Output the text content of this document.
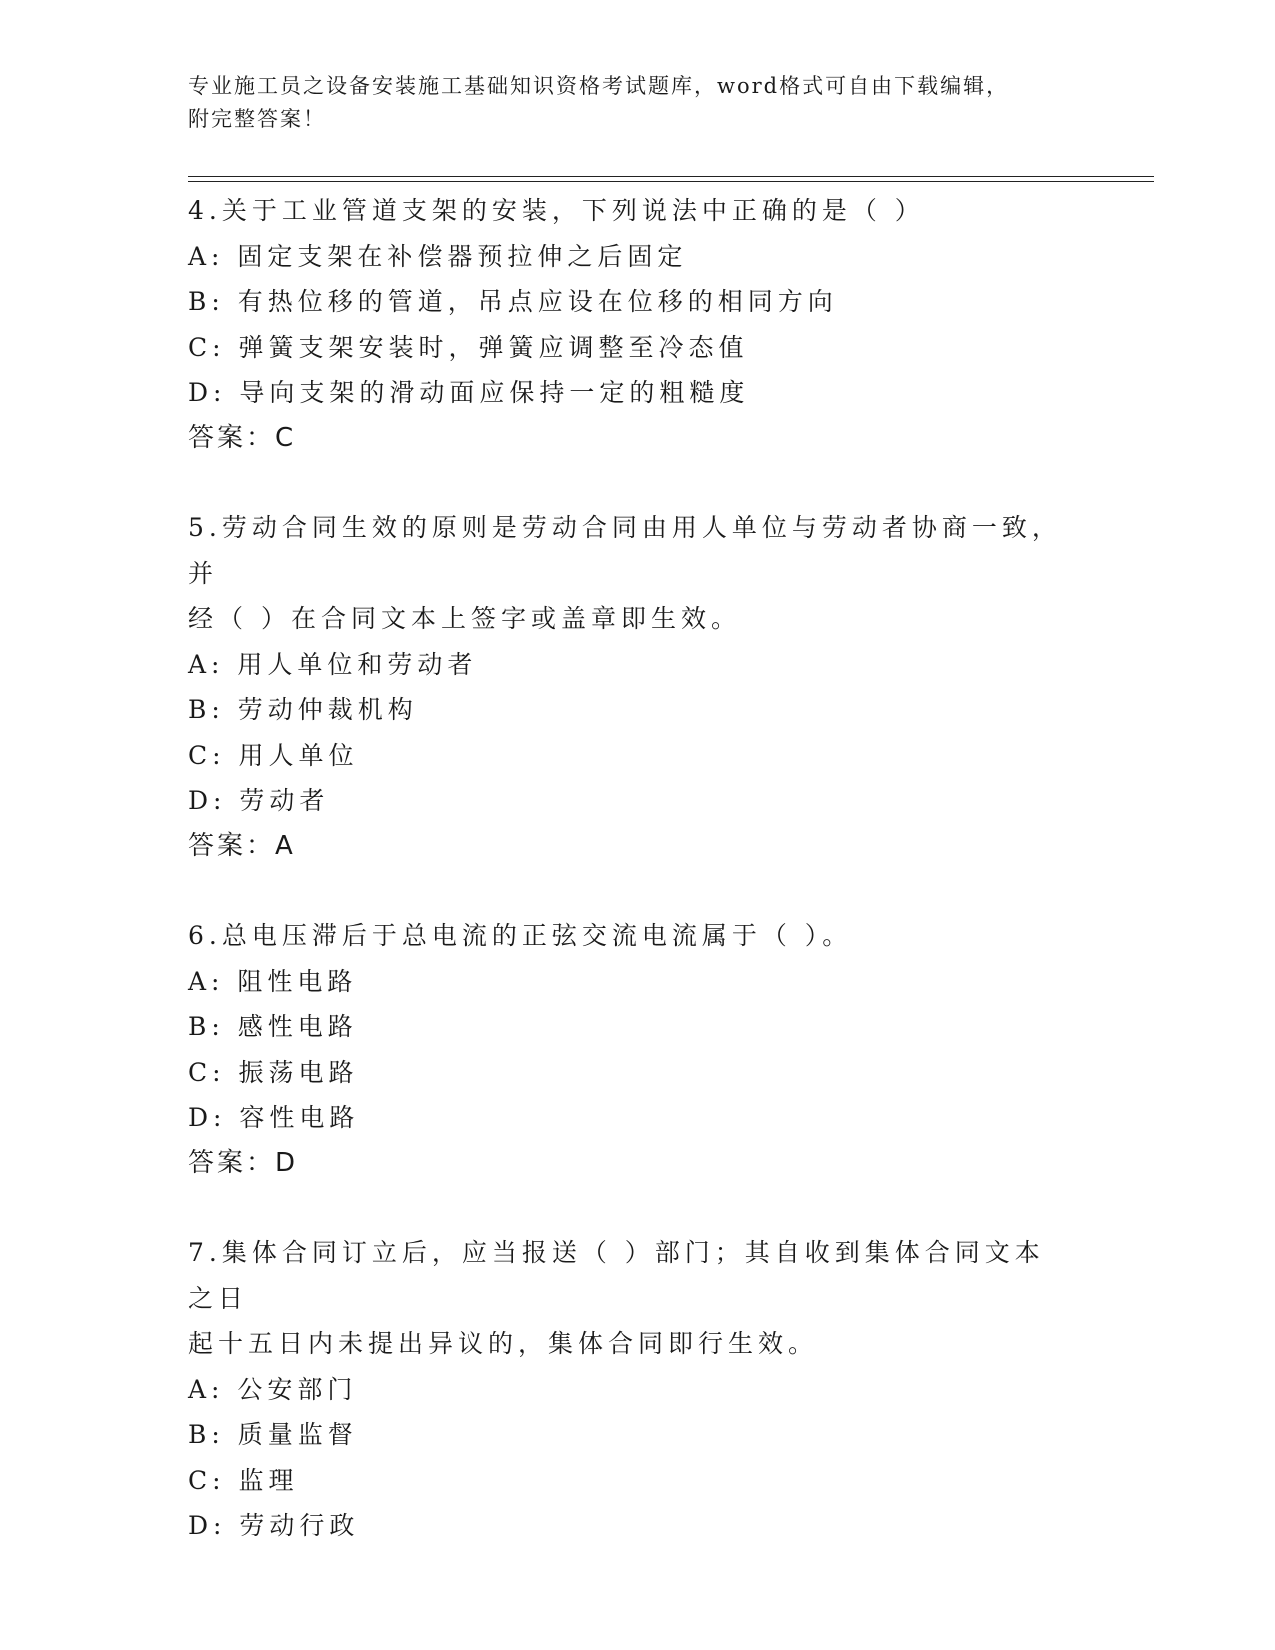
专业施工员之设备安装施工基础知识资格考试题库，word格式可自由下载编辑，
附完整答案！
4.关于工业管道支架的安装，下列说法中正确的是（ ）
A: 固定支架在补偿器预拉伸之后固定
B: 有热位移的管道，吊点应设在位移的相同方向
C: 弹簧支架安装时，弹簧应调整至冷态值
D: 导向支架的滑动面应保持一定的粗糙度
答案：C
5.劳动合同生效的原则是劳动合同由用人单位与劳动者协商一致，并
经（ ）在合同文本上签字或盖章即生效。
A: 用人单位和劳动者
B: 劳动仲裁机构
C: 用人单位
D: 劳动者
答案：A
6.总电压滞后于总电流的正弦交流电流属于（ ）。
A: 阻性电路
B: 感性电路
C: 振荡电路
D: 容性电路
答案：D
7.集体合同订立后，应当报送（ ）部门；其自收到集体合同文本之日
起十五日内未提出异议的，集体合同即行生效。
A: 公安部门
B: 质量监督
C: 监理
D: 劳动行政
